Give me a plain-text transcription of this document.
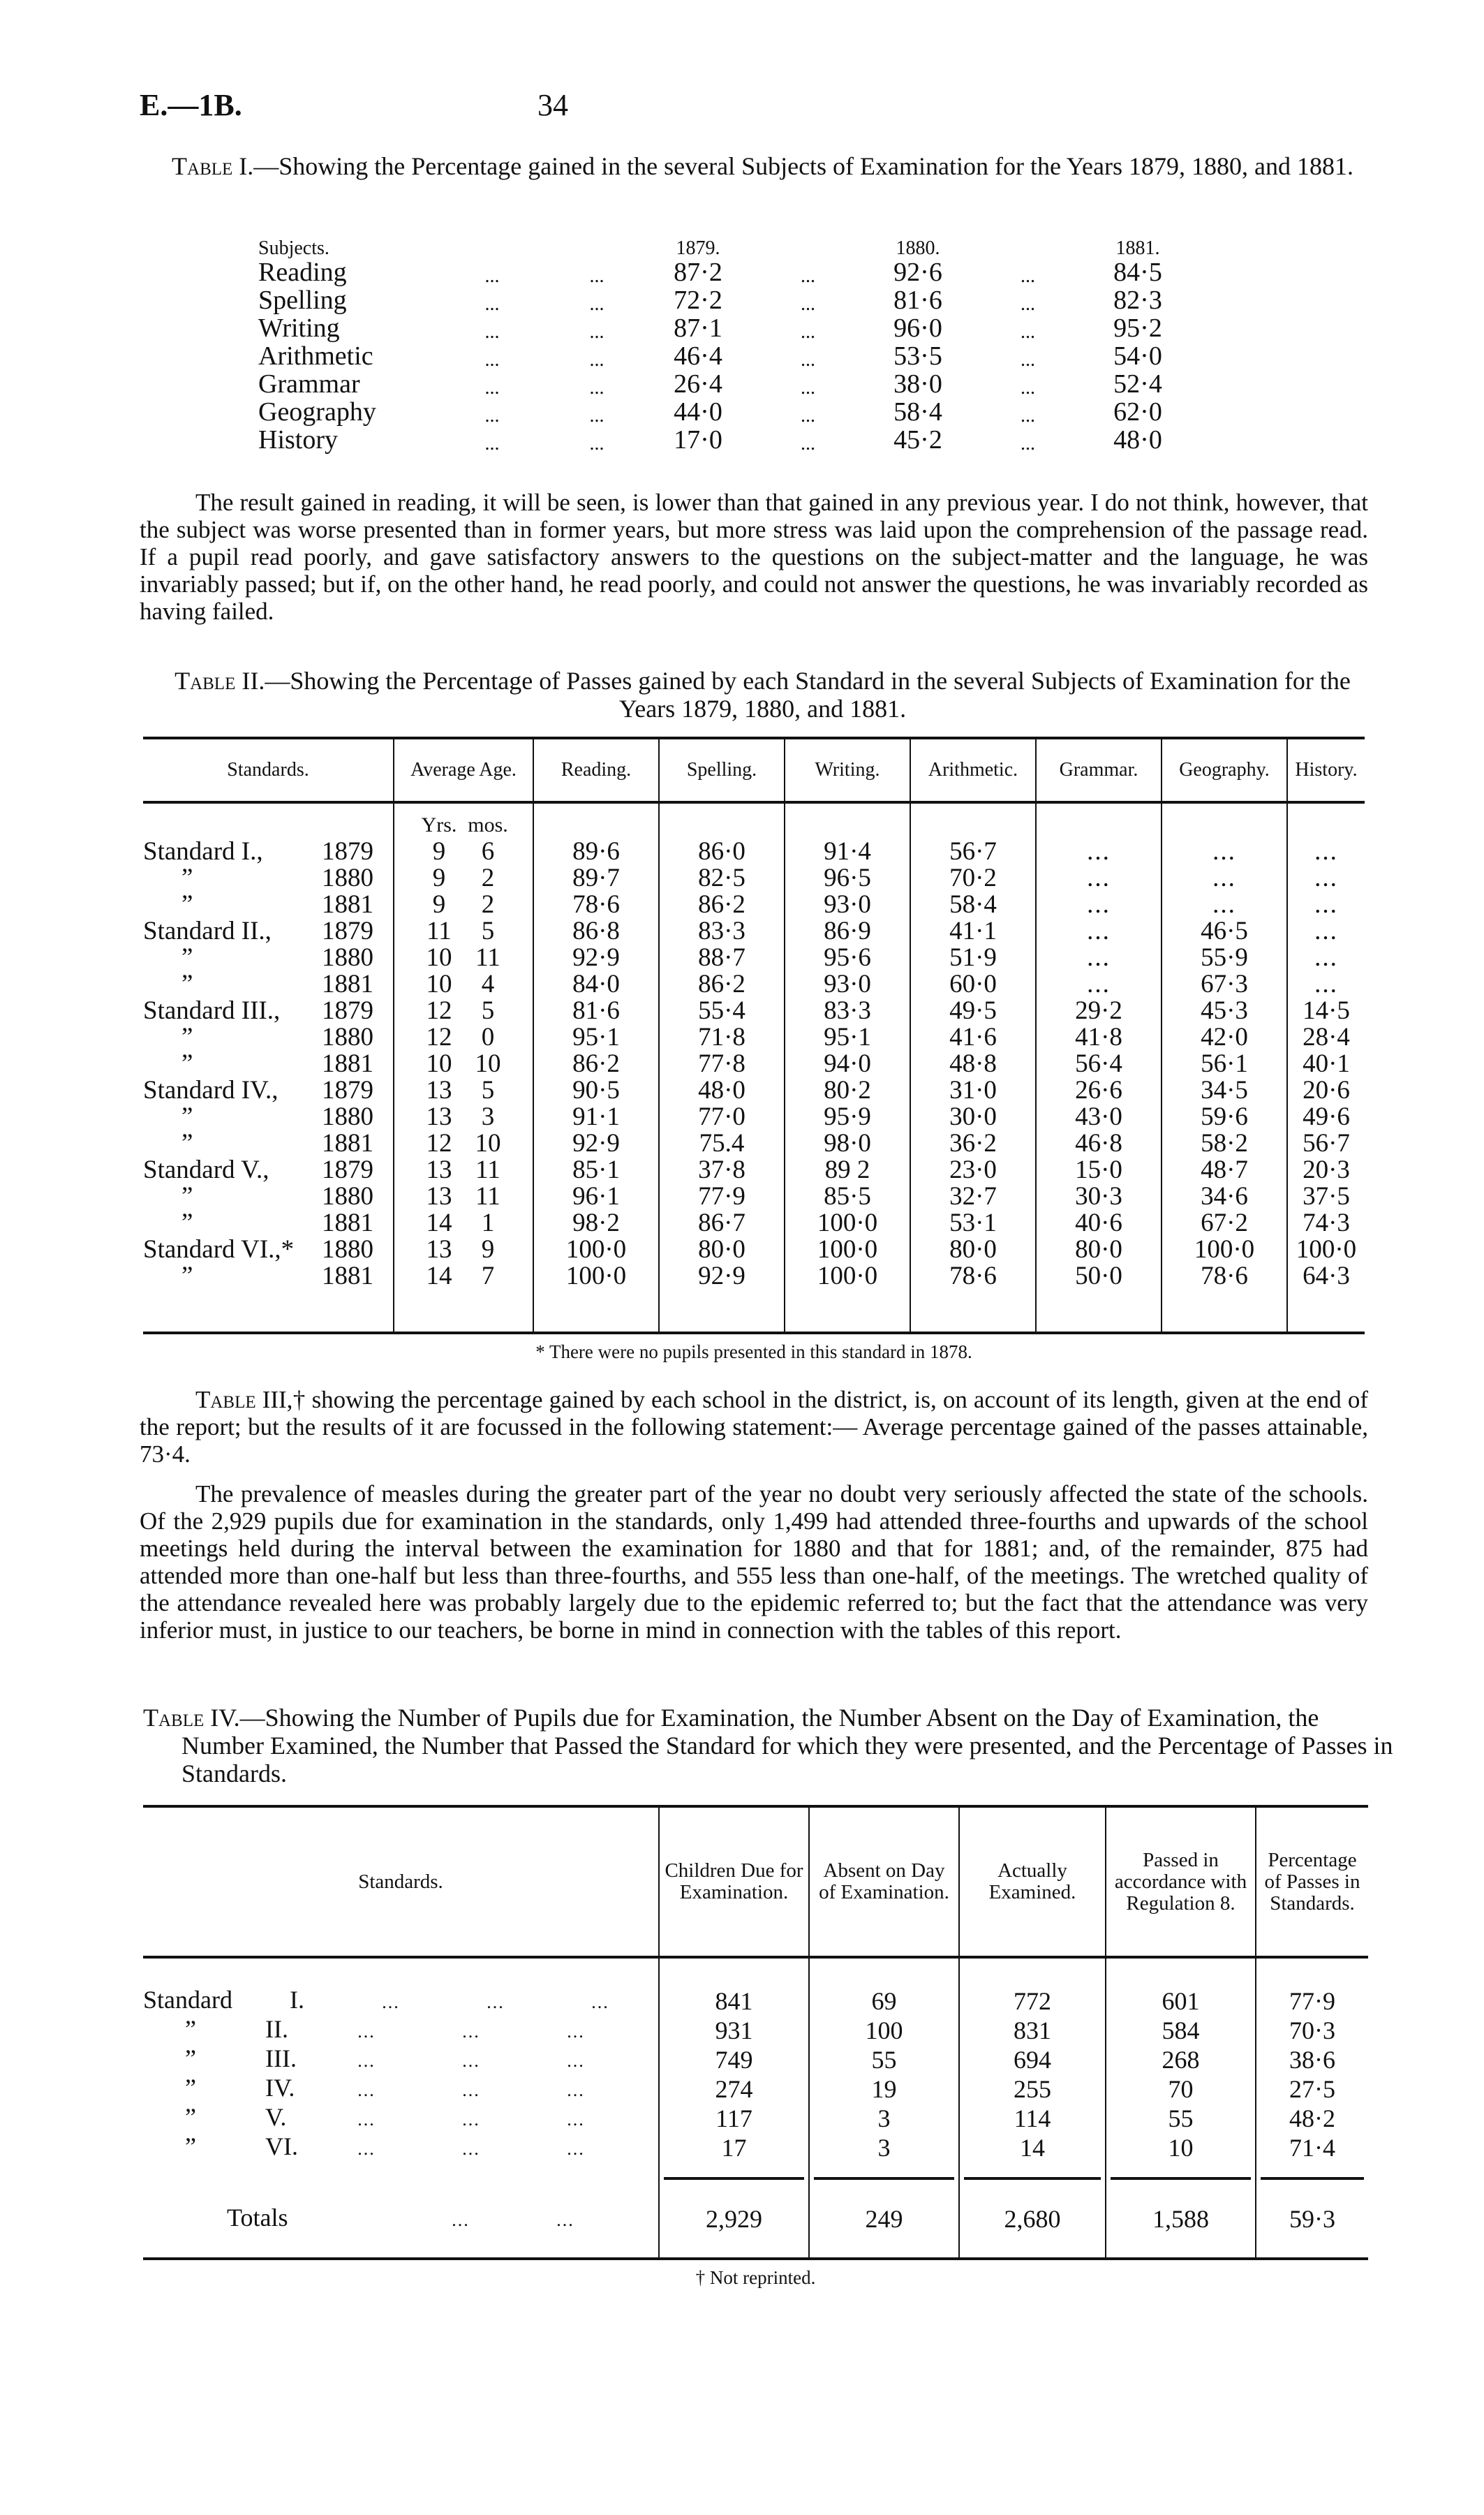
E.—1B.	34
Table I.—Showing the Percentage gained in the several Subjects of Examination for the Years 1879, 1880, and 1881.
Subjects.	1879.	1880.	1881.
Reading	...	...	87·2	...	92·6	...	84·5
Spelling	...	...	72·2	...	81·6	...	82·3
Writing	...	...	87·1	...	96·0	...	95·2
Arithmetic	...	...	46·4	...	53·5	...	54·0
Grammar	...	...	26·4	...	38·0	...	52·4
Geography	...	...	44·0	...	58·4	...	62·0
History	...	...	17·0	...	45·2	...	48·0

The result gained in reading, it will be seen, is lower than that gained in any previous year. I do not think, however, that the subject was worse presented than in former years, but more stress was laid upon the comprehension of the passage read. If a pupil read poorly, and gave satisfactory answers to the questions on the subject-matter and the language, he was invariably passed; but if, on the other hand, he read poorly, and could not answer the questions, he was invariably recorded as having failed.

Table II.—Showing the Percentage of Passes gained by each Standard in the several Subjects of Examination for the Years 1879, 1880, and 1881.
Standards.	Average Age.	Reading.	Spelling.	Writing.	Arithmetic.	Grammar.	Geography.	History.

	Yrs. mos.							
Standard I., 1879	9 6	89·6	86·0	91·4	56·7	...	...	...
” 1880	9 2	89·7	82·5	96·5	70·2	...	...	...
” 1881	9 2	78·6	86·2	93·0	58·4	...	...	...
Standard II., 1879	11 5	86·8	83·3	86·9	41·1	...	46·5	...
” 1880	10 11	92·9	88·7	95·6	51·9	...	55·9	...
” 1881	10 4	84·0	86·2	93·0	60·0	...	67·3	...
Standard III., 1879	12 5	81·6	55·4	83·3	49·5	29·2	45·3	14·5
” 1880	12 0	95·1	71·8	95·1	41·6	41·8	42·0	28·4
” 1881	10 10	86·2	77·8	94·0	48·8	56·4	56·1	40·1
Standard IV., 1879	13 5	90·5	48·0	80·2	31·0	26·6	34·5	20·6
” 1880	13 3	91·1	77·0	95·9	30·0	43·0	59·6	49·6
” 1881	12 10	92·9	75.4	98·0	36·2	46·8	58·2	56·7
Standard V., 1879	13 11	85·1	37·8	89 2	23·0	15·0	48·7	20·3
” 1880	13 11	96·1	77·9	85·5	32·7	30·3	34·6	37·5
” 1881	14 1	98·2	86·7	100·0	53·1	40·6	67·2	74·3
Standard VI.,* 1880	13 9	100·0	80·0	100·0	80·0	80·0	100·0	100·0
” 1881	14 7	100·0	92·9	100·0	78·6	50·0	78·6	64·3

* There were no pupils presented in this standard in 1878.

Table III,† showing the percentage gained by each school in the district, is, on account of its length, given at the end of the report; but the results of it are focussed in the following statement:— Average percentage gained of the passes attainable, 73·4.

The prevalence of measles during the greater part of the year no doubt very seriously affected the state of the schools. Of the 2,929 pupils due for examination in the standards, only 1,499 had attended three-fourths and upwards of the school meetings held during the interval between the examination for 1880 and that for 1881; and, of the remainder, 875 had attended more than one-half but less than three-fourths, and 555 less than one-half, of the meetings. The wretched quality of the attendance revealed here was probably largely due to the epidemic referred to; but the fact that the attendance was very inferior must, in justice to our teachers, be borne in mind in connection with the tables of this report.

Table IV.—Showing the Number of Pupils due for Examination, the Number Absent on the Day of Examination, the Number Examined, the Number that Passed the Standard for which they were presented, and the Percentage of Passes in Standards.
Standards.	Children Due for Examination.	Absent on Day of Examination.	Actually Examined.	Passed in accordance with Regulation 8.	Percentage of Passes in Standards.

Standard I. ... ... ...	841	69	772	601	77·9
” II. ... ... ...	931	100	831	584	70·3
” III. ... ... ...	749	55	694	268	38·6
” IV. ... ... ...	274	19	255	70	27·5
” V. ... ... ...	117	3	114	55	48·2
” VI. ... ... ...	17	3	14	10	71·4

Totals ... ...	2,929	249	2,680	1,588	59·3
† Not reprinted.
